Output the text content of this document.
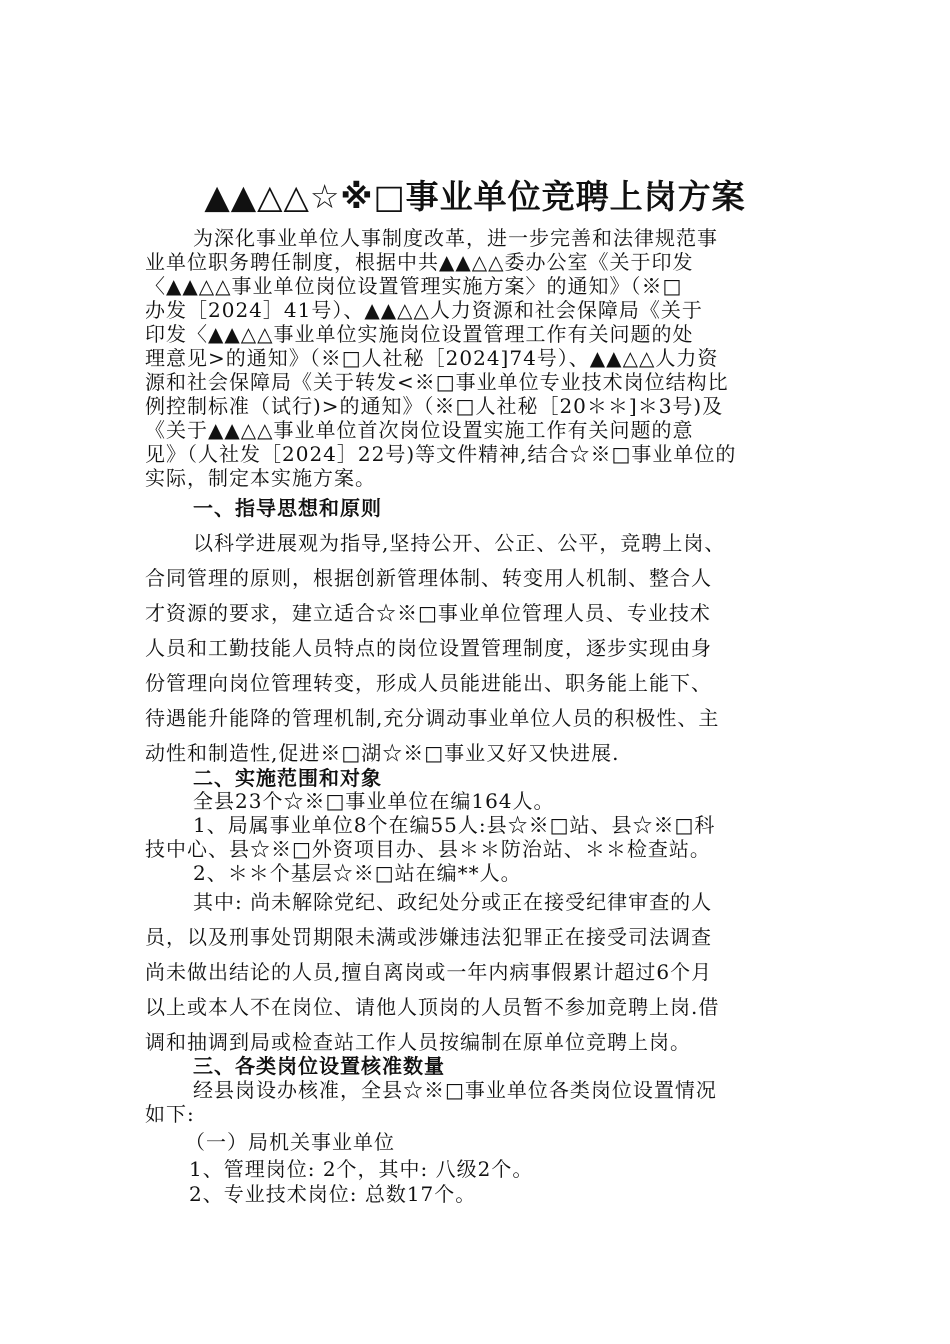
▲▲△△☆※□事业单位竞聘上岗方案
为深化事业单位人事制度改革，进一步完善和法律规范事
业单位职务聘任制度，根据中共▲▲△△委办公室《关于印发
〈▲▲△△事业单位岗位设置管理实施方案〉的通知》（※□
办发［2024］41号）、▲▲△△人力资源和社会保障局《关于
印发〈▲▲△△事业单位实施岗位设置管理工作有关问题的处
理意见>的通知》（※□人社秘［2024]74号）、▲▲△△人力资
源和社会保障局《关于转发<※□事业单位专业技术岗位结构比
例控制标准（试行)>的通知》（※□人社秘［20＊＊]＊3号)及
《关于▲▲△△事业单位首次岗位设置实施工作有关问题的意
见》（人社发［2024］22号)等文件精神,结合☆※□事业单位的
实际，制定本实施方案。
一、指导思想和原则
以科学进展观为指导,坚持公开、公正、公平，竞聘上岗、
合同管理的原则，根据创新管理体制、转变用人机制、整合人
才资源的要求，建立适合☆※□事业单位管理人员、专业技术
人员和工勤技能人员特点的岗位设置管理制度，逐步实现由身
份管理向岗位管理转变，形成人员能进能出、职务能上能下、
待遇能升能降的管理机制,充分调动事业单位人员的积极性、主
动性和制造性,促进※□湖☆※□事业又好又快进展.
二、实施范围和对象
全县23个☆※□事业单位在编164人。
1、局属事业单位8个在编55人:县☆※□站、县☆※□科
技中心、县☆※□外资项目办、县＊＊防治站、＊＊检查站。
2、＊＊个基层☆※□站在编**人。
其中: 尚未解除党纪、政纪处分或正在接受纪律审查的人
员，以及刑事处罚期限未满或涉嫌违法犯罪正在接受司法调查
尚未做出结论的人员,擅自离岗或一年内病事假累计超过6个月
以上或本人不在岗位、请他人顶岗的人员暂不参加竞聘上岗.借
调和抽调到局或检查站工作人员按编制在原单位竞聘上岗。
三、各类岗位设置核准数量
经县岗设办核准，全县☆※□事业单位各类岗位设置情况
如下:
（一）局机关事业单位
1、管理岗位: 2个，其中: 八级2个。
2、专业技术岗位: 总数17个。
